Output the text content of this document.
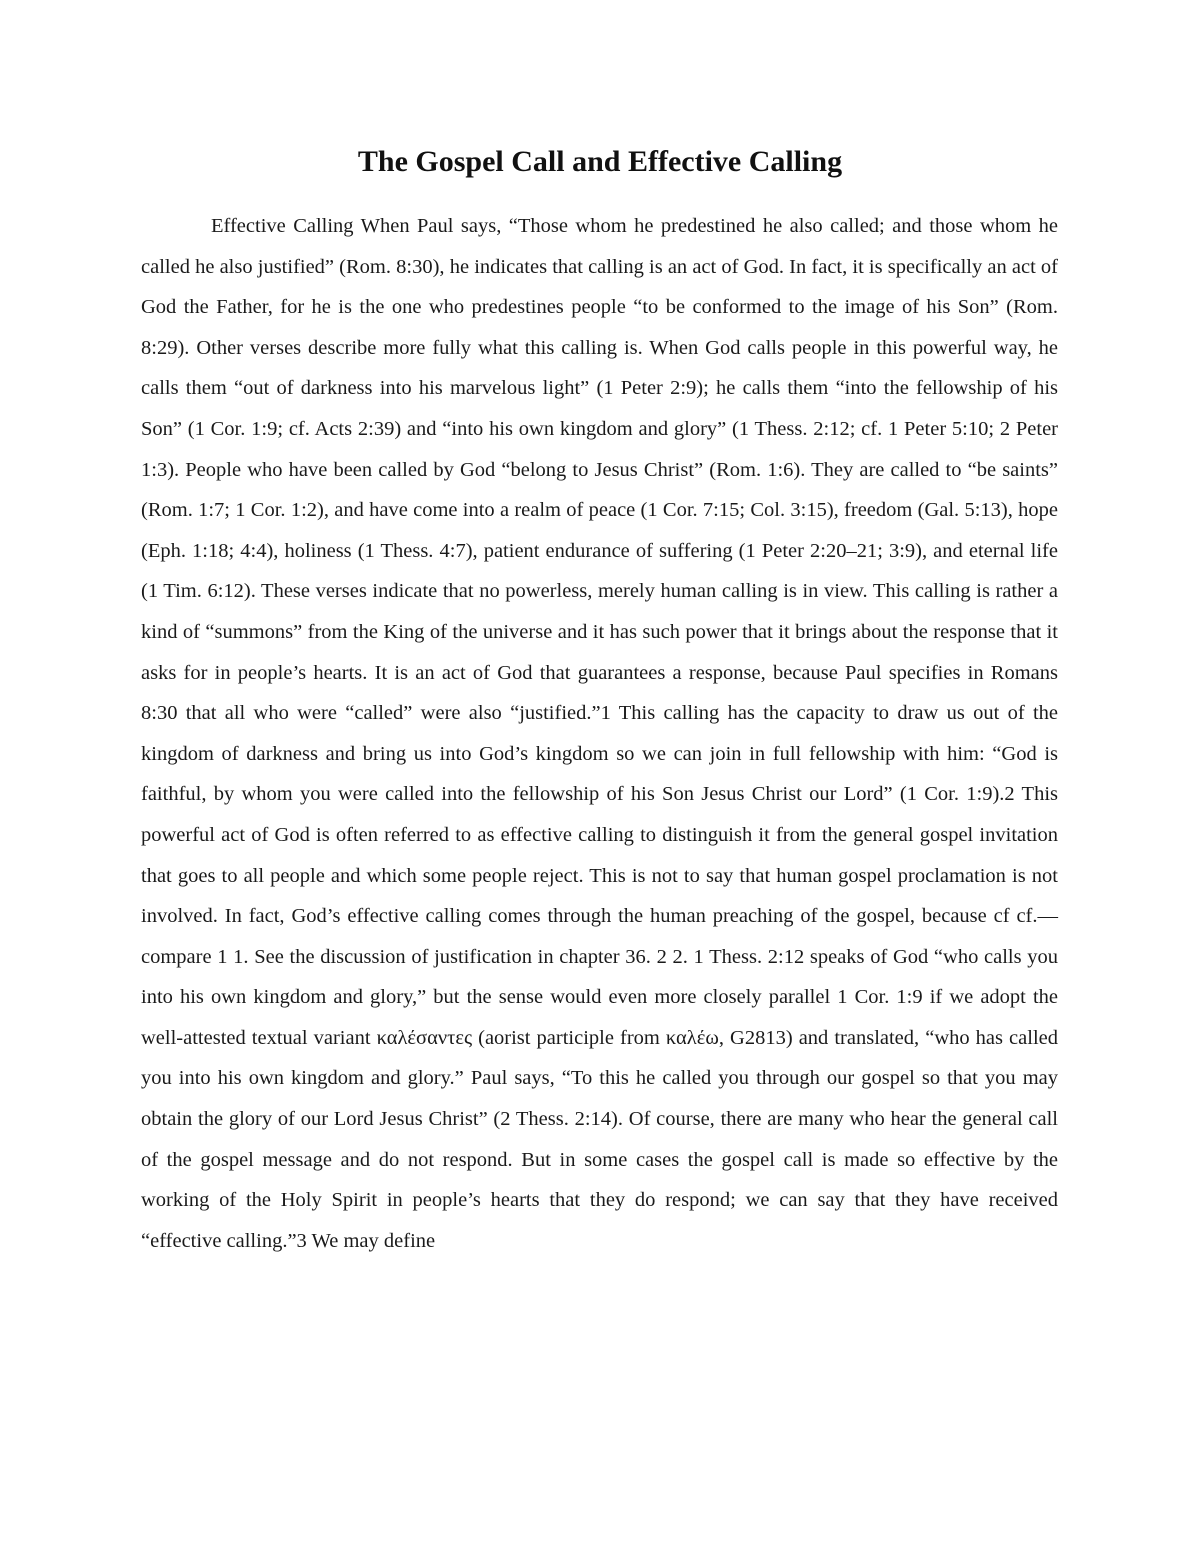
The Gospel Call and Effective Calling

Effective Calling When Paul says, “Those whom he predestined he also called; and those whom he called he also justified” (Rom. 8:30), he indicates that calling is an act of God. In fact, it is specifically an act of God the Father, for he is the one who predestines people “to be conformed to the image of his Son” (Rom. 8:29). Other verses describe more fully what this calling is. When God calls people in this powerful way, he calls them “out of darkness into his marvelous light” (1 Peter 2:9); he calls them “into the fellowship of his Son” (1 Cor. 1:9; cf. Acts 2:39) and “into his own kingdom and glory” (1 Thess. 2:12; cf. 1 Peter 5:10; 2 Peter 1:3). People who have been called by God “belong to Jesus Christ” (Rom. 1:6). They are called to “be saints” (Rom. 1:7; 1 Cor. 1:2), and have come into a realm of peace (1 Cor. 7:15; Col. 3:15), freedom (Gal. 5:13), hope (Eph. 1:18; 4:4), holiness (1 Thess. 4:7), patient endurance of suffering (1 Peter 2:20–21; 3:9), and eternal life (1 Tim. 6:12). These verses indicate that no powerless, merely human calling is in view. This calling is rather a kind of “summons” from the King of the universe and it has such power that it brings about the response that it asks for in people’s hearts. It is an act of God that guarantees a response, because Paul specifies in Romans 8:30 that all who were “called” were also “justified.”1 This calling has the capacity to draw us out of the kingdom of darkness and bring us into God’s kingdom so we can join in full fellowship with him: “God is faithful, by whom you were called into the fellowship of his Son Jesus Christ our Lord” (1 Cor. 1:9).2 This powerful act of God is often referred to as effective calling to distinguish it from the general gospel invitation that goes to all people and which some people reject. This is not to say that human gospel proclamation is not involved. In fact, God’s effective calling comes through the human preaching of the gospel, because cf cf.—compare 1 1. See the discussion of justification in chapter 36. 2 2. 1 Thess. 2:12 speaks of God “who calls you into his own kingdom and glory,” but the sense would even more closely parallel 1 Cor. 1:9 if we adopt the well-attested textual variant καλέσαντες (aorist participle from καλέω, G2813) and translated, “who has called you into his own kingdom and glory.” Paul says, “To this he called you through our gospel so that you may obtain the glory of our Lord Jesus Christ” (2 Thess. 2:14). Of course, there are many who hear the general call of the gospel message and do not respond. But in some cases the gospel call is made so effective by the working of the Holy Spirit in people’s hearts that they do respond; we can say that they have received “effective calling.”3 We may define
